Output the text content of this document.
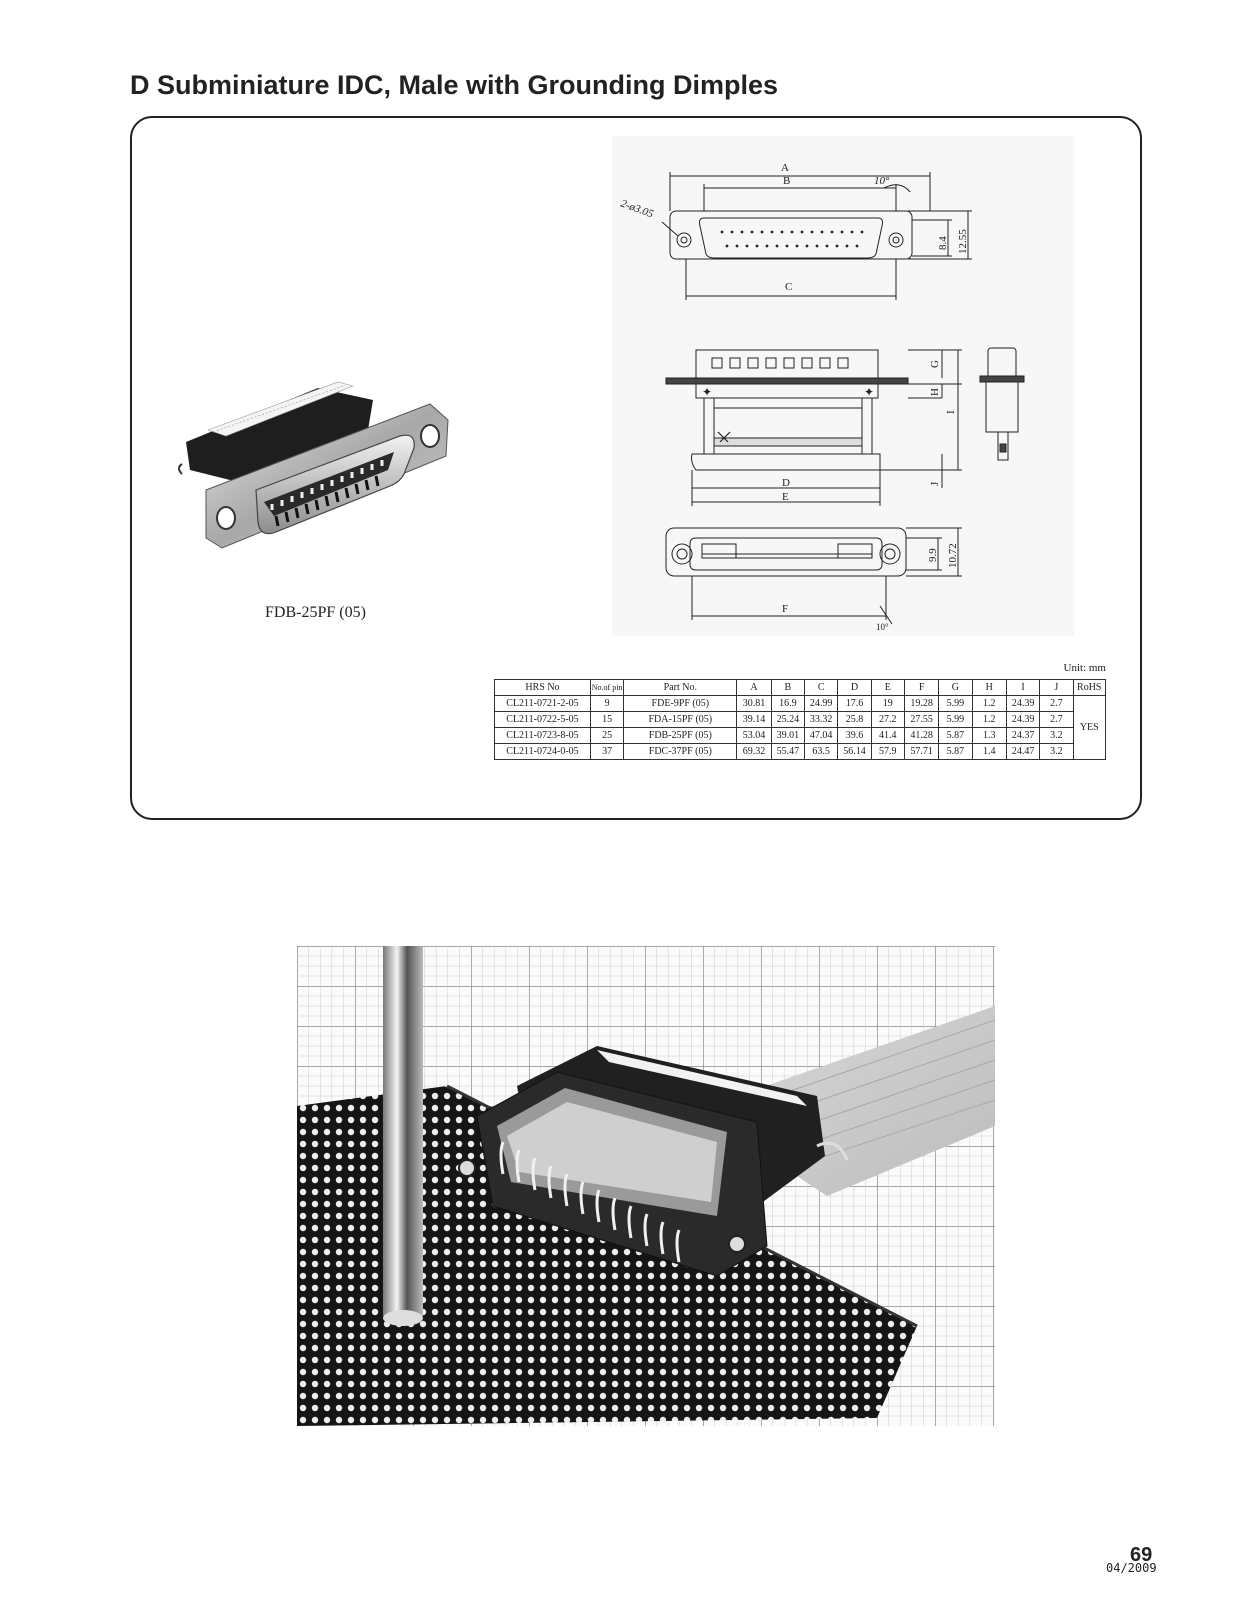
D Subminiature IDC, Male with Grounding Dimples
FDB-25PF (05)
A
B	10°
2-ø3.05
C
8.4 12.55
✦	✦
D
E
G
H
I
J
F
10°
9.9 10.72
Unit: mm
HRS No	No.of pin	Part No.	A	B	C	D	E	F	G	H	I	J	RoHS
CL211-0721-2-05	9	FDE-9PF (05)	30.81	16.9	24.99	17.6	19	19.28	5.99	1.2	24.39	2.7	YES
CL211-0722-5-05	15	FDA-15PF (05)	39.14	25.24	33.32	25.8	27.2	27.55	5.99	1.2	24.39	2.7	
CL211-0723-8-05	25	FDB-25PF (05)	53.04	39.01	47.04	39.6	41.4	41.28	5.87	1.3	24.37	3.2	
CL211-0724-0-05	37	FDC-37PF (05)	69.32	55.47	63.5	56.14	57.9	57.71	5.87	1.4	24.47	3.2	
69
04/2009
